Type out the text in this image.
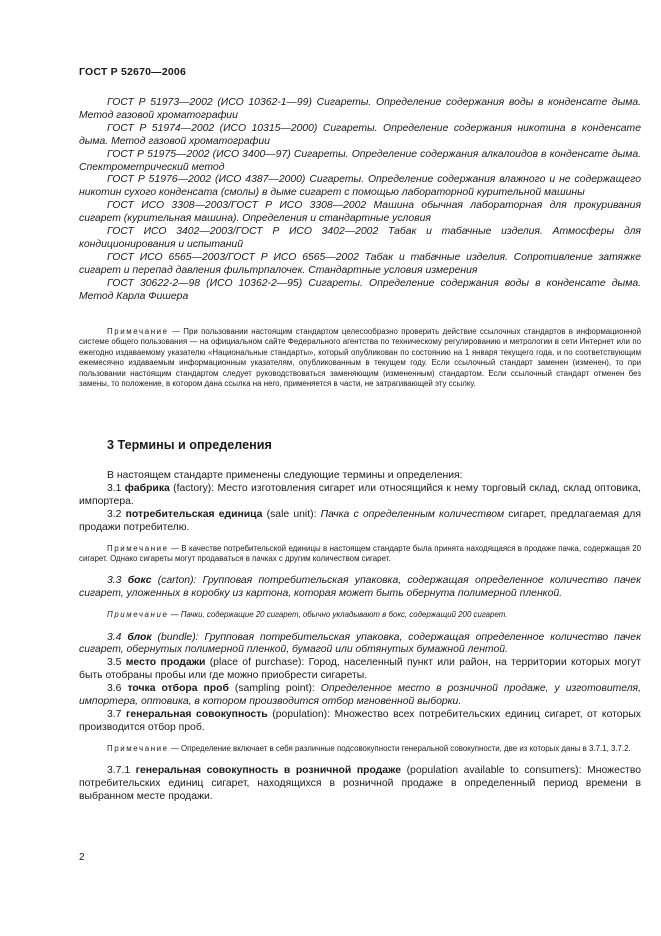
ГОСТ Р 52670—2006

ГОСТ Р 51973—2002 (ИСО 10362-1—99) Сигареты. Определение содержания воды в конденсате дыма. Метод газовой хроматографии

ГОСТ Р 51974—2002 (ИСО 10315—2000) Сигареты. Определение содержания никотина в конденсате дыма. Метод газовой хроматографии

ГОСТ Р 51975—2002 (ИСО 3400—97) Сигареты. Определение содержания алкалоидов в конденсате дыма. Спектрометрический метод

ГОСТ Р 51976—2002 (ИСО 4387—2000) Сигареты. Определение содержания влажного и не содержащего никотин сухого конденсата (смолы) в дыме сигарет с помощью лабораторной курительной машины

ГОСТ ИСО 3308—2003/ГОСТ Р ИСО 3308—2002 Машина обычная лабораторная для прокуривания сигарет (курительная машина). Определения и стандартные условия

ГОСТ ИСО 3402—2003/ГОСТ Р ИСО 3402—2002 Табак и табачные изделия. Атмосферы для кондиционирования и испытаний

ГОСТ ИСО 6565—2003/ГОСТ Р ИСО 6565—2002 Табак и табачные изделия. Сопротивление затяжке сигарет и перепад давления фильтрпалочек. Стандартные условия измерения

ГОСТ 30622-2—98 (ИСО 10362-2—95) Сигареты. Определение содержания воды в конденсате дыма. Метод Карла Фишера

Примечание — При пользовании настоящим стандартом целесообразно проверить действие ссылочных стандартов в информационной системе общего пользования — на официальном сайте Федерального агентства по техническому регулированию и метрологии в сети Интернет или по ежегодно издаваемому указателю «Национальные стандарты», который опубликован по состоянию на 1 января текущего года, и по соответствующим ежемесячно издаваемым информационным указателям, опубликованным в текущем году. Если ссылочный стандарт заменен (изменен), то при пользовании настоящим стандартом следует руководствоваться заменяющим (измененным) стандартом. Если ссылочный стандарт отменен без замены, то положение, в котором дана ссылка на него, применяется в части, не затрагивающей эту ссылку.

3 Термины и определения

В настоящем стандарте применены следующие термины и определения:

3.1 фабрика (factory): Место изготовления сигарет или относящийся к нему торговый склад, склад оптовика, импортера.

3.2 потребительская единица (sale unit): Пачка с определенным количеством сигарет, предлагаемая для продажи потребителю.

Примечание — В качестве потребительской единицы в настоящем стандарте была принята находящаяся в продаже пачка, содержащая 20 сигарет. Однако сигареты могут продаваться в пачках с другим количеством сигарет.

3.3 бокс (carton): Групповая потребительская упаковка, содержащая определенное количество пачек сигарет, уложенных в коробку из картона, которая может быть обернута полимерной пленкой.

Примечание — Пачки, содержащие 20 сигарет, обычно укладывают в бокс, содержащий 200 сигарет.

3.4 блок (bundle): Групповая потребительская упаковка, содержащая определенное количество пачек сигарет, обернутых полимерной пленкой, бумагой или обтянутых бумажной лентой.

3.5 место продажи (place of purchase): Город, населенный пункт или район, на территории которых могут быть отобраны пробы или где можно приобрести сигареты.

3.6 точка отбора проб (sampling point): Определенное место в розничной продаже, у изготовителя, импортера, оптовика, в котором производится отбор мгновенной выборки.

3.7 генеральная совокупность (population): Множество всех потребительских единиц сигарет, от которых производится отбор проб.

Примечание — Определение включает в себя различные подсовокупности генеральной совокупности, две из которых даны в 3.7.1, 3.7.2.

3.7.1 генеральная совокупность в розничной продаже (population available to consumers): Множество потребительских единиц сигарет, находящихся в розничной продаже в определенный период времени в выбранном месте продажи.

2
